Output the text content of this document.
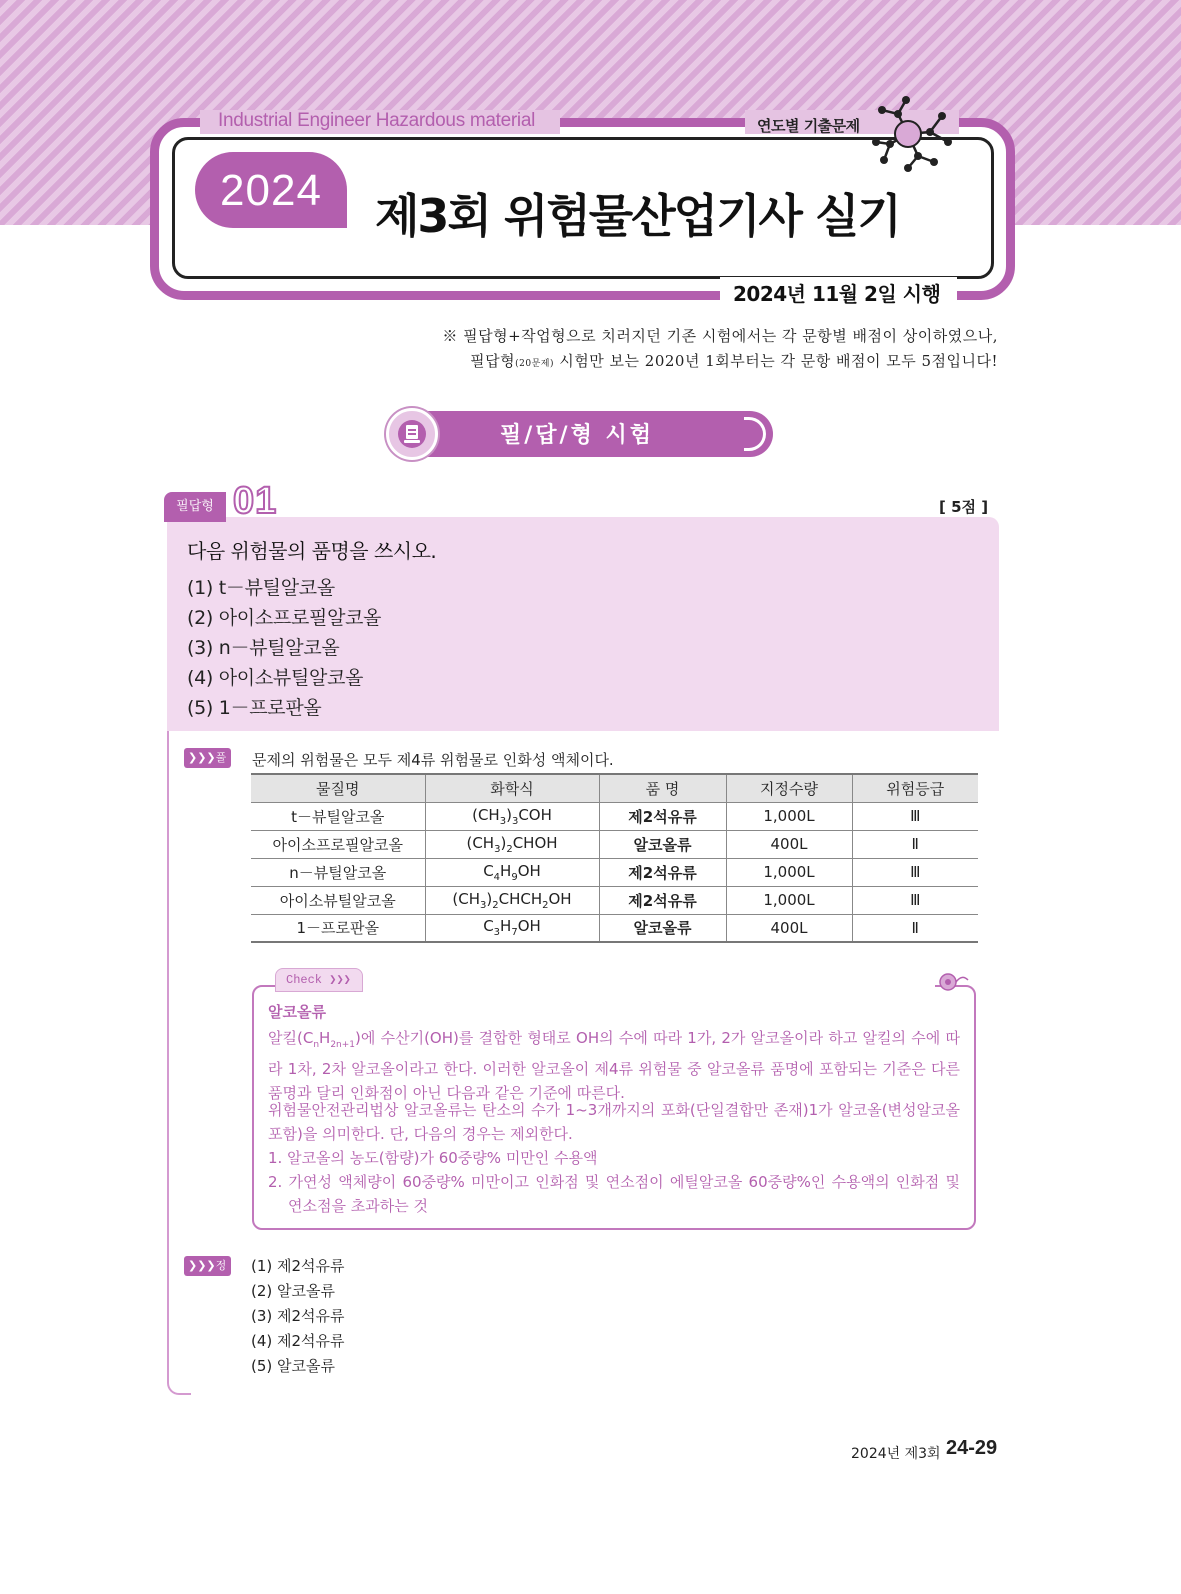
Industrial Engineer Hazardous material	연도별 기출문제
2024	제3회 위험물산업기사 실기
2024년 11월 2일 시행
※ 필답형+작업형으로 치러지던 기존 시험에서는 각 문항별 배점이 상이하였으나,
필답형(20문제) 시험만 보는 2020년 1회부터는 각 문항 배점이 모두 5점입니다!
필/답/형 시험
필답형 01	[ 5점 ]
다음 위험물의 품명을 쓰시오.
(1) t－뷰틸알코올
(2) 아이소프로필알코올
(3) n－뷰틸알코올
(4) 아이소뷰틸알코올
(5) 1－프로판올
❯❯❯풀이
문제의 위험물은 모두 제4류 위험물로 인화성 액체이다.
물질명	화학식	품 명	지정수량	위험등급
t－뷰틸알코올	$(CH_3)_3COH$	제2석유류	1,000L	Ⅲ
아이소프로필알코올	$(CH_3)_2CHOH$	알코올류	400L	Ⅱ
n－뷰틸알코올	$C_4H_9OH$	제2석유류	1,000L	Ⅲ
아이소뷰틸알코올	$(CH_3)_2CHCH_2OH$	제2석유류	1,000L	Ⅲ
1－프로판올	$C_3H_7OH$	알코올류	400L	Ⅱ
Check ❯❯❯
알코올류
알킬$(C_nH_{2n+1})$에 수산기(OH)를 결합한 형태로 OH의 수에 따라 1가, 2가 알코올이라 하고 알킬의 수에 따라 1차, 2차 알코올이라고 한다. 이러한 알코올이 제4류 위험물 중 알코올류 품명에 포함되는 기준은 다른 품명과 달리 인화점이 아닌 다음과 같은 기준에 따른다.
위험물안전관리법상 알코올류는 탄소의 수가 1~3개까지의 포화(단일결합만 존재)1가 알코올(변성알코올 포함)을 의미한다. 단, 다음의 경우는 제외한다.
1. 알코올의 농도(함량)가 60중량% 미만인 수용액
2. 가연성 액체량이 60중량% 미만이고 인화점 및 연소점이 에틸알코올 60중량%인 수용액의 인화점 및 연소점을 초과하는 것
❯❯❯정답
(1) 제2석유류
(2) 알코올류
(3) 제2석유류
(4) 제2석유류
(5) 알코올류
2024년 제3회 24-29
